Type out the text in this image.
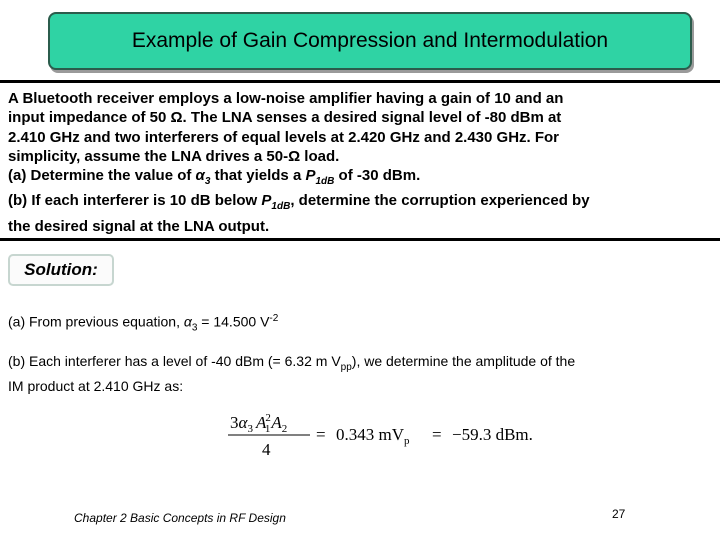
Example of Gain Compression and Intermodulation

A Bluetooth receiver employs a low-noise amplifier having a gain of 10 and an

input impedance of 50 Ω. The LNA senses a desired signal level of -80 dBm at

2.410 GHz and two interferers of equal levels at 2.420 GHz and 2.430 GHz. For

simplicity, assume the LNA drives a 50-Ω load.

(a) Determine the value of $\alpha_3$ that yields a $P_{1dB}$ of -30 dBm.

(b) If each interferer is 10 dB below $P_{1dB}$, determine the corruption experienced by

the desired signal at the LNA output.

Solution:

(a) From previous equation, $\alpha_3 = 14.500$ $V^{-2}$

(b) Each interferer has a level of -40 dBm (= 6.32 m $V_{pp}$), we determine the amplitude of the
IM product at 2.410 GHz as:
$3\alpha_3$ A2 $1A_2$
4
= 0.343 $mV_p = -59.3$ dBm.
Chapter 2 Basic Concepts in RF Design	27
